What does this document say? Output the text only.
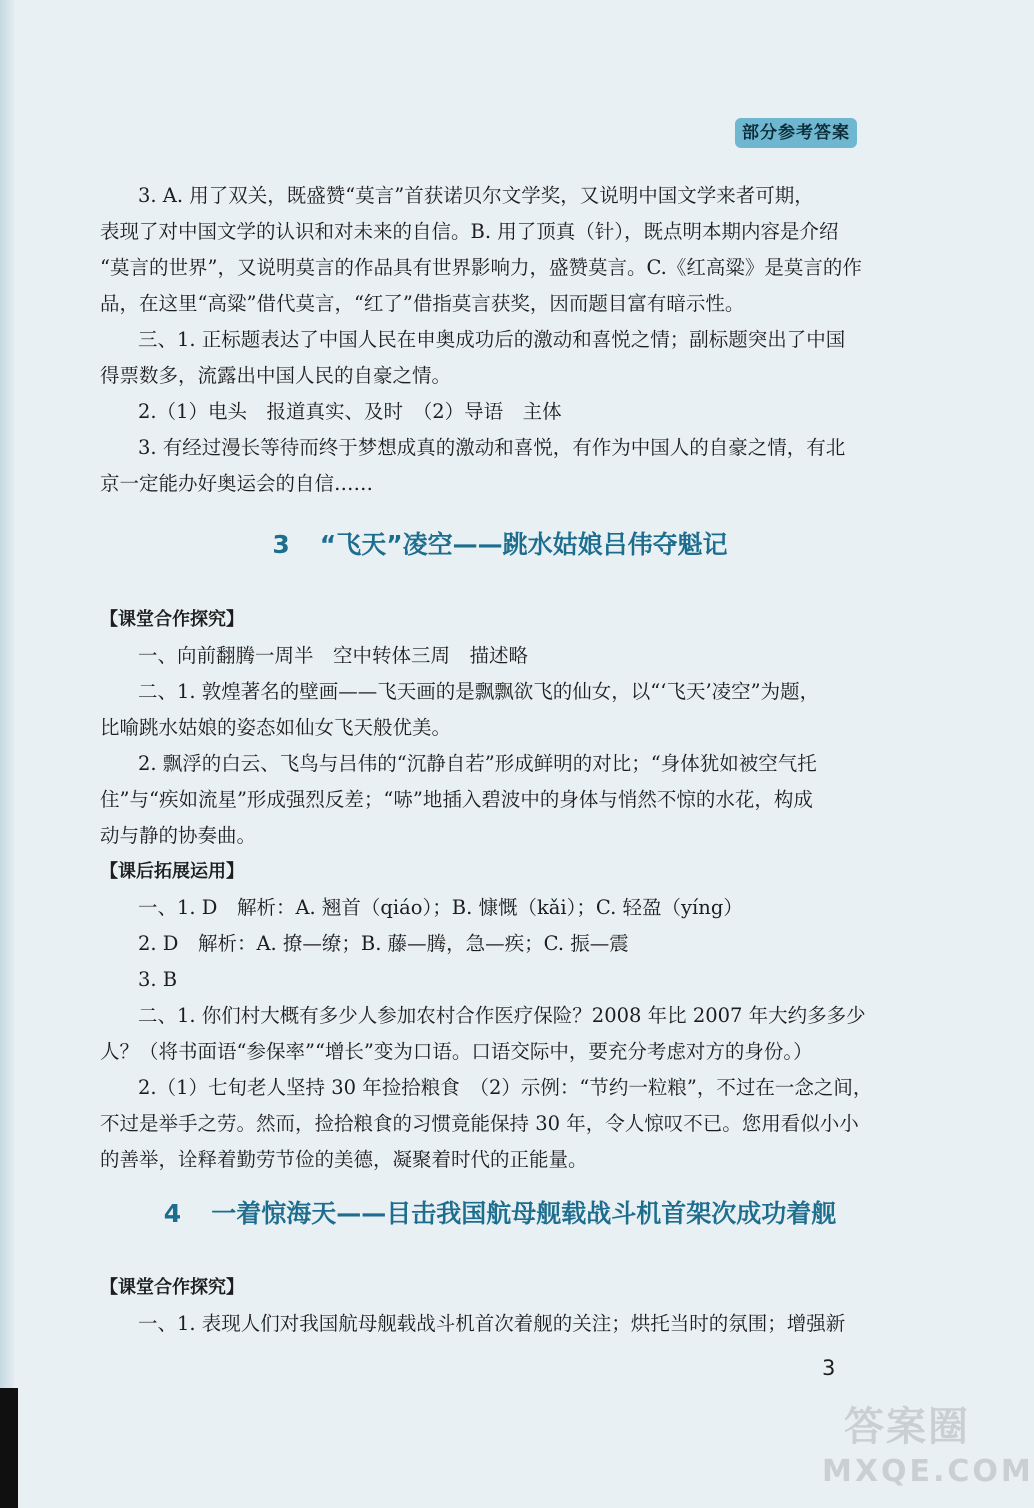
部分参考答案
3. A. 用了双关，既盛赞“莫言”首获诺贝尔文学奖，又说明中国文学来者可期，
表现了对中国文学的认识和对未来的自信。B. 用了顶真（针），既点明本期内容是介绍
“莫言的世界”，又说明莫言的作品具有世界影响力，盛赞莫言。C.《红高粱》是莫言的作
品，在这里“高粱”借代莫言，“红了”借指莫言获奖，因而题目富有暗示性。
三、1. 正标题表达了中国人民在申奥成功后的激动和喜悦之情；副标题突出了中国
得票数多，流露出中国人民的自豪之情。
2.（1）电头　报道真实、及时　（2）导语　主体
3. 有经过漫长等待而终于梦想成真的激动和喜悦，有作为中国人的自豪之情，有北
京一定能办好奥运会的自信……
3 “飞天”凌空——跳水姑娘吕伟夺魁记
【课堂合作探究】
一、向前翻腾一周半　空中转体三周　描述略
二、1. 敦煌著名的壁画——飞天画的是飘飘欲飞的仙女，以“‘飞天’凌空”为题，
比喻跳水姑娘的姿态如仙女飞天般优美。
2. 飘浮的白云、飞鸟与吕伟的“沉静自若”形成鲜明的对比；“身体犹如被空气托
住”与“疾如流星”形成强烈反差；“哧”地插入碧波中的身体与悄然不惊的水花，构成
动与静的协奏曲。
【课后拓展运用】
一、1. D　解析：A. 翘首（qiáo）；B. 慷慨（kǎi）；C. 轻盈（yíng）
2. D　解析：A. 撩—缭；B. 藤—腾，急—疾；C. 振—震
3. B
二、1. 你们村大概有多少人参加农村合作医疗保险？2008 年比 2007 年大约多多少
人？（将书面语“参保率”“增长”变为口语。口语交际中，要充分考虑对方的身份。）
2.（1）七旬老人坚持 30 年捡拾粮食　（2）示例：“节约一粒粮”，不过在一念之间，
不过是举手之劳。然而，捡拾粮食的习惯竟能保持 30 年，令人惊叹不已。您用看似小小
的善举，诠释着勤劳节俭的美德，凝聚着时代的正能量。
4 一着惊海天——目击我国航母舰载战斗机首架次成功着舰
【课堂合作探究】
一、1. 表现人们对我国航母舰载战斗机首次着舰的关注；烘托当时的氛围；增强新
3
答案圈
MXQE.COM
